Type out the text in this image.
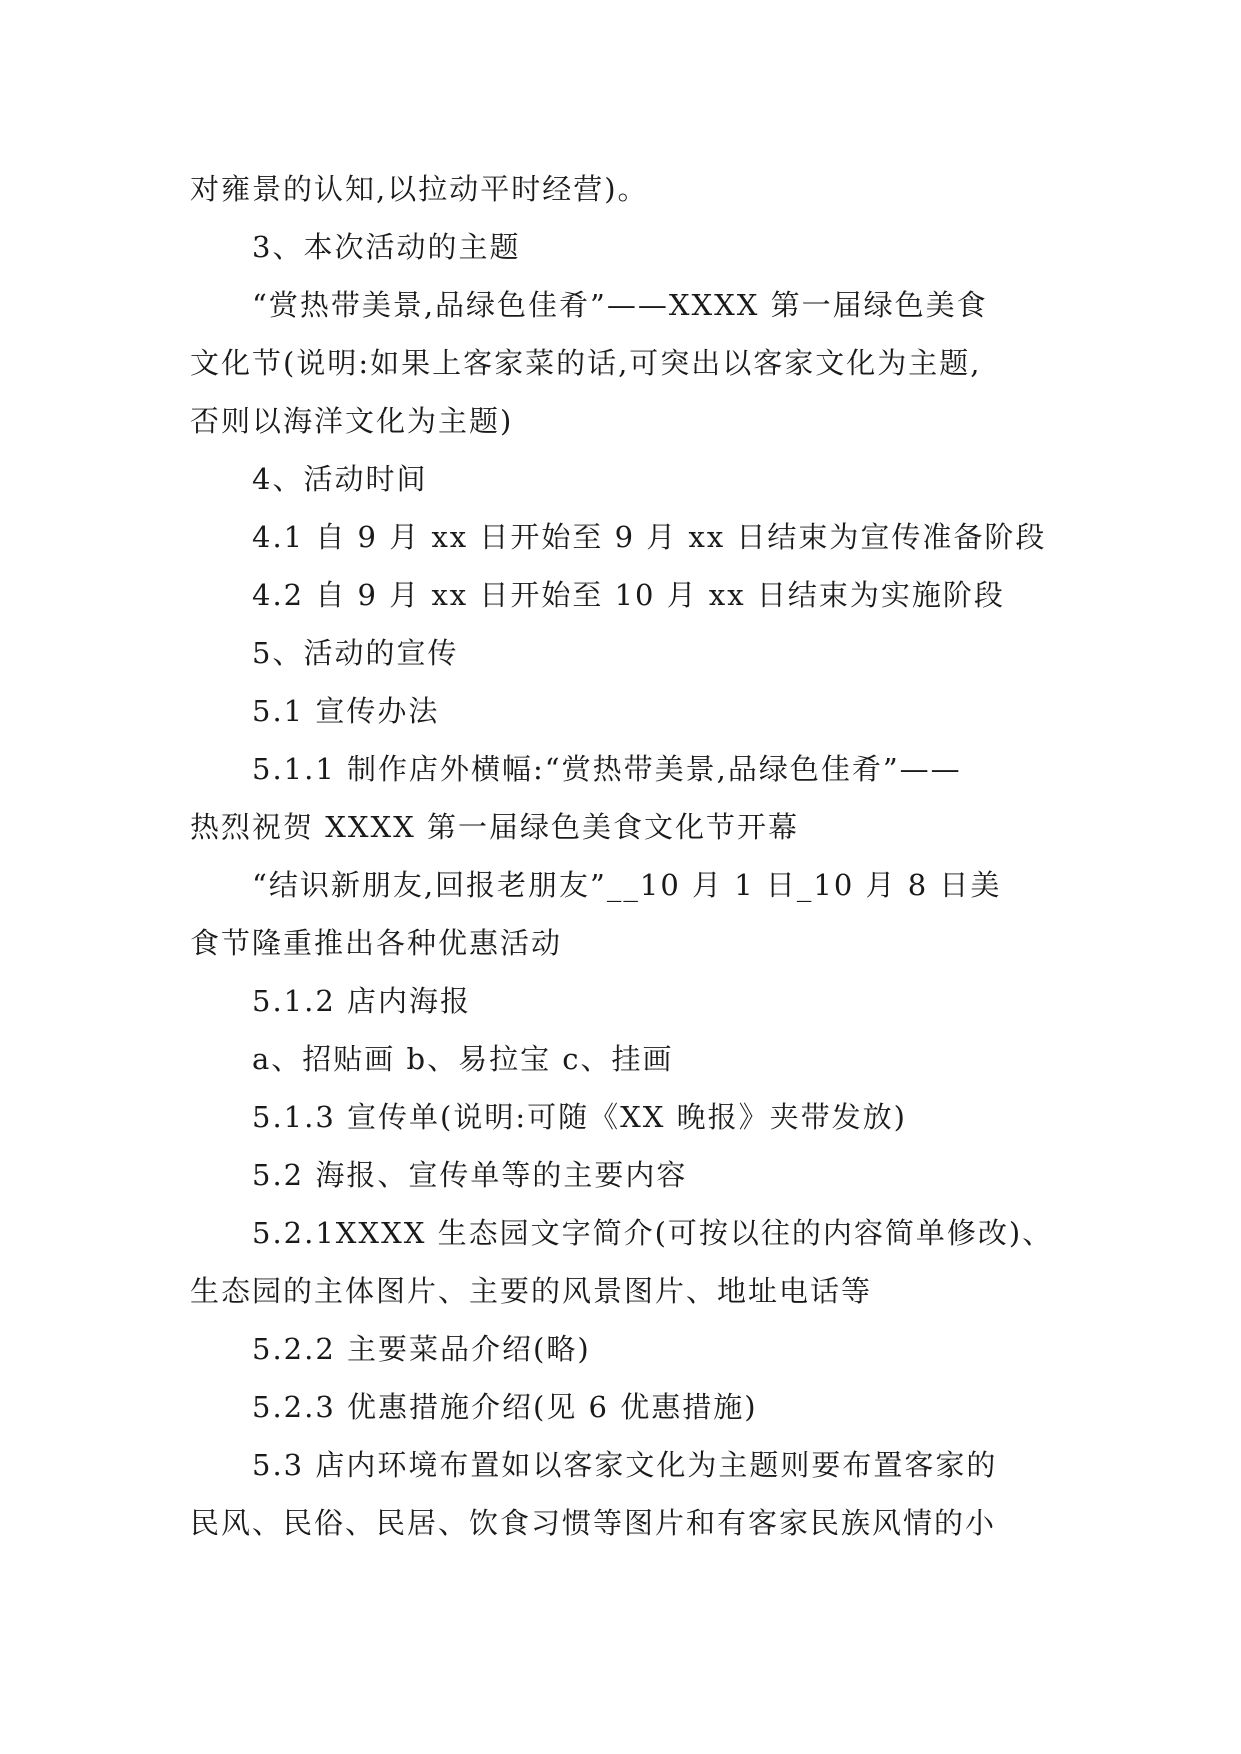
对雍景的认知,以拉动平时经营)。

3、本次活动的主题

“赏热带美景,品绿色佳肴”——XXXX 第一届绿色美食

文化节(说明:如果上客家菜的话,可突出以客家文化为主题,

否则以海洋文化为主题)

4、活动时间

4.1 自 9 月 xx 日开始至 9 月 xx 日结束为宣传准备阶段

4.2 自 9 月 xx 日开始至 10 月 xx 日结束为实施阶段

5、活动的宣传

5.1 宣传办法

5.1.1 制作店外横幅:“赏热带美景,品绿色佳肴”——

热烈祝贺 XXXX 第一届绿色美食文化节开幕

“结识新朋友,回报老朋友”__10 月 1 日_10 月 8 日美

食节隆重推出各种优惠活动

5.1.2 店内海报

a、招贴画 b、易拉宝 c、挂画

5.1.3 宣传单(说明:可随《XX 晚报》夹带发放)

5.2 海报、宣传单等的主要内容

5.2.1XXXX 生态园文字简介(可按以往的内容简单修改)、

生态园的主体图片、主要的风景图片、地址电话等

5.2.2 主要菜品介绍(略)

5.2.3 优惠措施介绍(见 6 优惠措施)

5.3 店内环境布置如以客家文化为主题则要布置客家的

民风、民俗、民居、饮食习惯等图片和有客家民族风情的小
